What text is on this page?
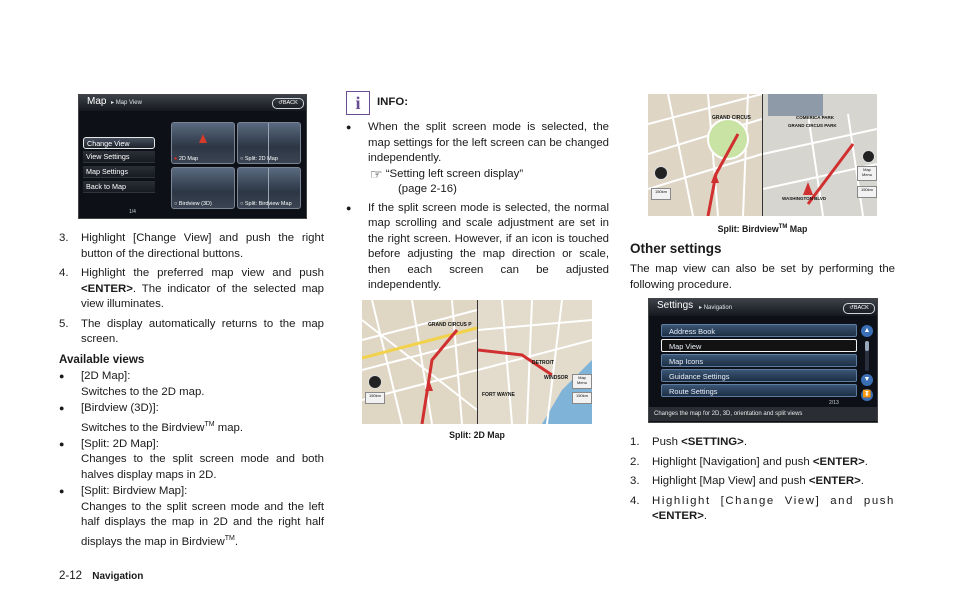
Map ▸ Map View	↺BACK
Change View
View Settings
Map Settings
Back to Map
● 2D Map	○ Split: 2D Map
○ Birdview (3D)	○ Split: Birdview Map
1/4
3.	Highlight [Change View] and push the right button of the directional buttons.
4.	Highlight the preferred map view and push <ENTER>. The indicator of the selected map view illuminates.
5.	The display automatically returns to the map screen.
Available views
●	[2D Map]:
Switches to the 2D map.
●	[Birdview (3D)]:
Switches to the Birdview™ map.
●	[Split: 2D Map]:
Changes to the split screen mode and both halves display maps in 2D.
●	[Split: Birdview Map]:
Changes to the split screen mode and the left half displays the map in 2D and the right half displays the map in Birdview™.
2-12 Navigation
i	INFO:
●	When the split screen mode is selected, the map settings for the left screen can be changed independently.
☞ “Setting left screen display”
(page 2-16)
●	If the split screen mode is selected, the normal map scrolling and scale adjustment are set in the right screen. However, if an icon is touched before adjusting the map direction or scale, then each screen can be adjusted independently.
150km
Map
Menu
150km
GRAND CIRCUS P
DETROIT
WINDSOR
FORT WAYNE
Split: 2D Map
150km
Map
Menu
150km
GRAND CIRCUS	COMERICA PARK
GRAND CIRCUS PARK
WASHINGTON BLVD
Split: Birdview™ Map
Other settings
The map view can also be set by performing the following procedure.
Settings ▸ Navigation	↺BACK
Address Book
Map View
Map Icons
Guidance Settings
Route Settings
▲
▼
⏬
2/13
Changes the map for 2D, 3D, orientation and split views
1.	Push <SETTING>.
2.	Highlight [Navigation] and push <ENTER>.
3.	Highlight [Map View] and push <ENTER>.
4.	Highlight [Change View] and push <ENTER>.
